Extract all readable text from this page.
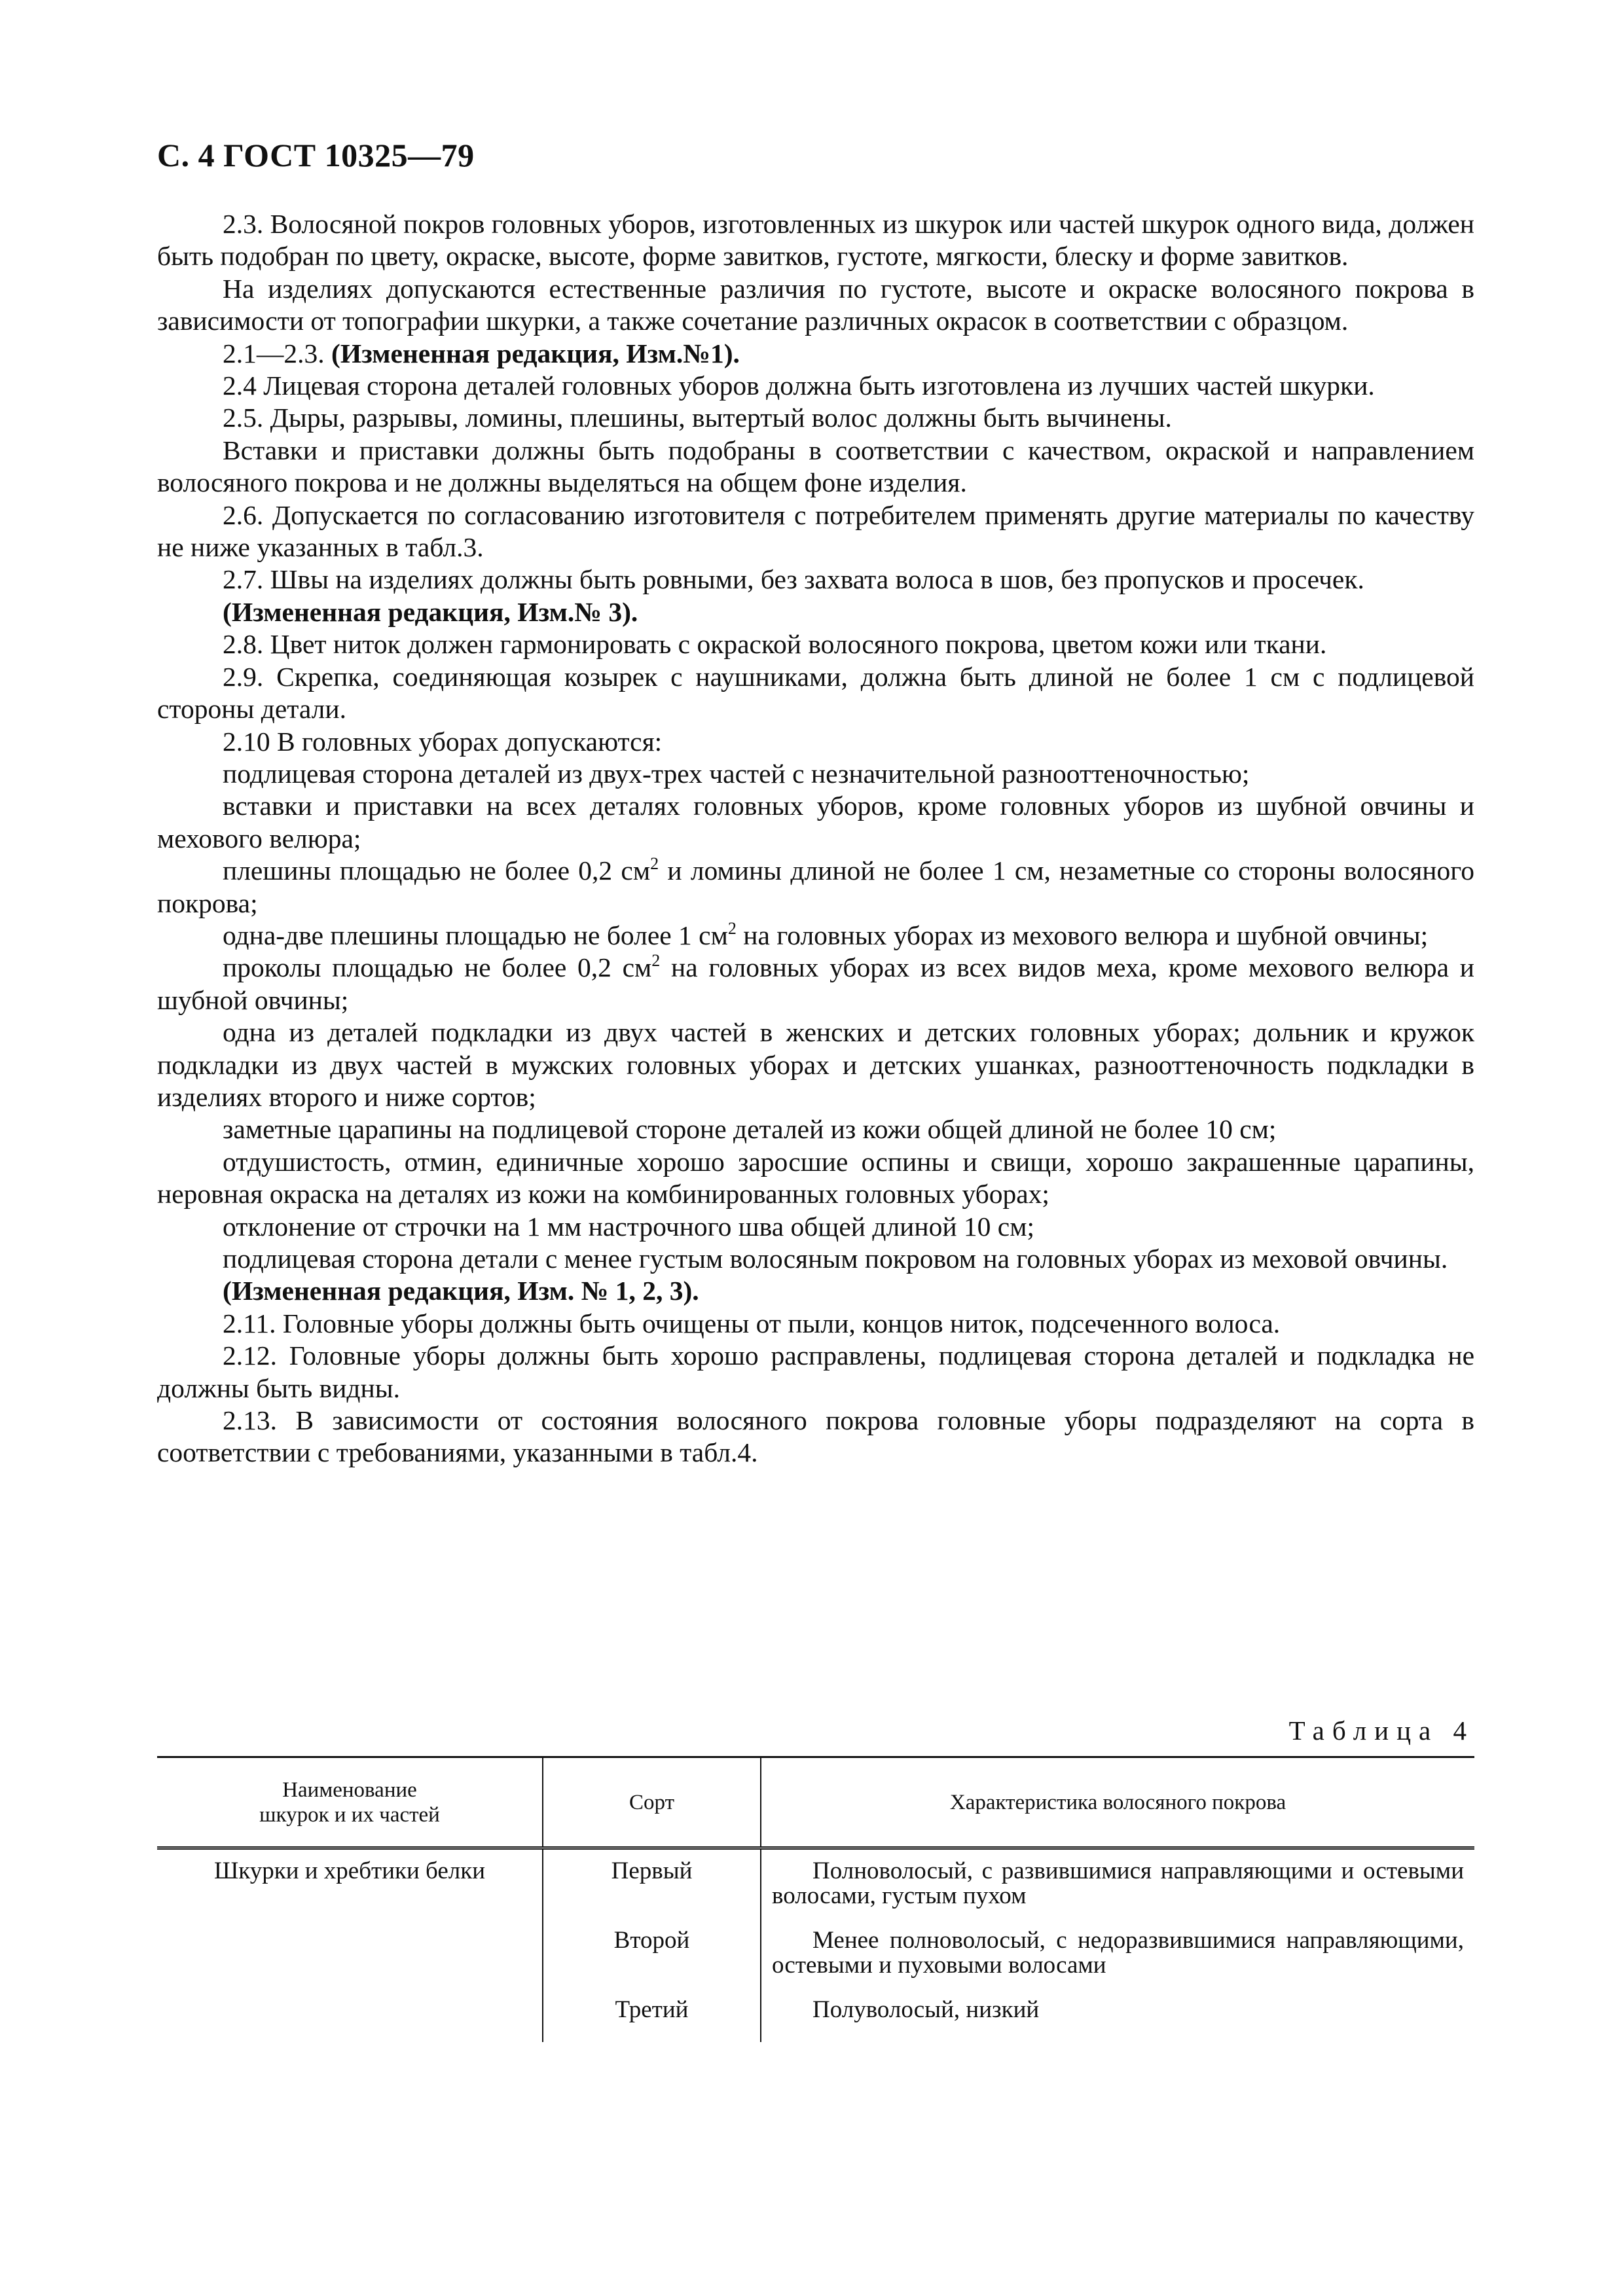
С. 4 ГОСТ 10325—79

2.3. Волосяной покров головных уборов, изготовленных из шкурок или частей шкурок одного вида, должен быть подобран по цвету, окраске, высоте, форме завитков, густоте, мягкости, блеску и форме завитков.

На изделиях допускаются естественные различия по густоте, высоте и окраске волосяного покрова в зависимости от топографии шкурки, а также сочетание различных окрасок в соответствии с образцом.

2.1—2.3. (Измененная редакция, Изм.№1).

2.4 Лицевая сторона деталей головных уборов должна быть изготовлена из лучших частей шкурки.

2.5. Дыры, разрывы, ломины, плешины, вытертый волос должны быть вычинены.

Вставки и приставки должны быть подобраны в соответствии с качеством, окраской и направлением волосяного покрова и не должны выделяться на общем фоне изделия.

2.6. Допускается по согласованию изготовителя с потребителем применять другие материалы по качеству не ниже указанных в табл.3.

2.7. Швы на изделиях должны быть ровными, без захвата волоса в шов, без пропусков и просечек.

(Измененная редакция, Изм.№ 3).

2.8. Цвет ниток должен гармонировать с окраской волосяного покрова, цветом кожи или ткани.

2.9. Скрепка, соединяющая козырек с наушниками, должна быть длиной не более 1 см с подлицевой стороны детали.

2.10 В головных уборах допускаются:

подлицевая сторона деталей из двух-трех частей с незначительной разнооттеночностью;

вставки и приставки на всех деталях головных уборов, кроме головных уборов из шубной овчины и мехового велюра;

плешины площадью не более 0,2 $см^2$ и ломины длиной не более 1 см, незаметные со стороны волосяного покрова;

одна-две плешины площадью не более 1 $см^2$ на головных уборах из мехового велюра и шубной овчины;

проколы площадью не более 0,2 $см^2$ на головных уборах из всех видов меха, кроме мехового велюра и шубной овчины;

одна из деталей подкладки из двух частей в женских и детских головных уборах; дольник и кружок подкладки из двух частей в мужских головных уборах и детских ушанках, разнооттеночность подкладки в изделиях второго и ниже сортов;

заметные царапины на подлицевой стороне деталей из кожи общей длиной не более 10 см;

отдушистость, отмин, единичные хорошо заросшие оспины и свищи, хорошо закрашенные царапины, неровная окраска на деталях из кожи на комбинированных головных уборах;

отклонение от строчки на 1 мм настрочного шва общей длиной 10 см;

подлицевая сторона детали с менее густым волосяным покровом на головных уборах из меховой овчины.

(Измененная редакция, Изм. № 1, 2, 3).

2.11. Головные уборы должны быть очищены от пыли, концов ниток, подсеченного волоса.

2.12. Головные уборы должны быть хорошо расправлены, подлицевая сторона деталей и подкладка не должны быть видны.

2.13. В зависимости от состояния волосяного покрова головные уборы подразделяют на сорта в соответствии с требованиями, указанными в табл.4.

Таблица 4
Наименование шкурок и их частей	Сорт	Характеристика волосяного покрова
Шкурки и хребтики белки	Первый	Полноволосый, с развившимися направляющими и остевыми волосами, густым пухом

	Второй	Менее полноволосый, с недоразвившимися направляющими, остевыми и пуховыми волосами

	Третий	Полуволосый, низкий
